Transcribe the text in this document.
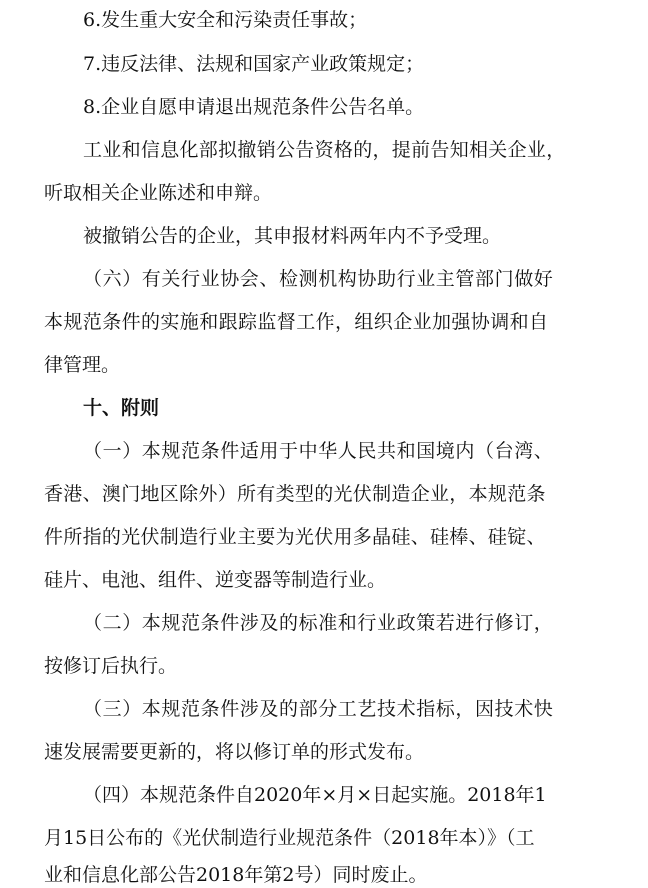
6.发生重大安全和污染责任事故；
7.违反法律、法规和国家产业政策规定；
8.企业自愿申请退出规范条件公告名单。
工业和信息化部拟撤销公告资格的，提前告知相关企业，
听取相关企业陈述和申辩。
被撤销公告的企业，其申报材料两年内不予受理。
（六）有关行业协会、检测机构协助行业主管部门做好
本规范条件的实施和跟踪监督工作，组织企业加强协调和自
律管理。
十、附则
（一）本规范条件适用于中华人民共和国境内（台湾、
香港、澳门地区除外）所有类型的光伏制造企业，本规范条
件所指的光伏制造行业主要为光伏用多晶硅、硅棒、硅锭、
硅片、电池、组件、逆变器等制造行业。
（二）本规范条件涉及的标准和行业政策若进行修订，
按修订后执行。
（三）本规范条件涉及的部分工艺技术指标，因技术快
速发展需要更新的，将以修订单的形式发布。
（四）本规范条件自2020年×月×日起实施。2018年1
月15日公布的《光伏制造行业规范条件（2018年本）》（工
业和信息化部公告2018年第2号）同时废止。
